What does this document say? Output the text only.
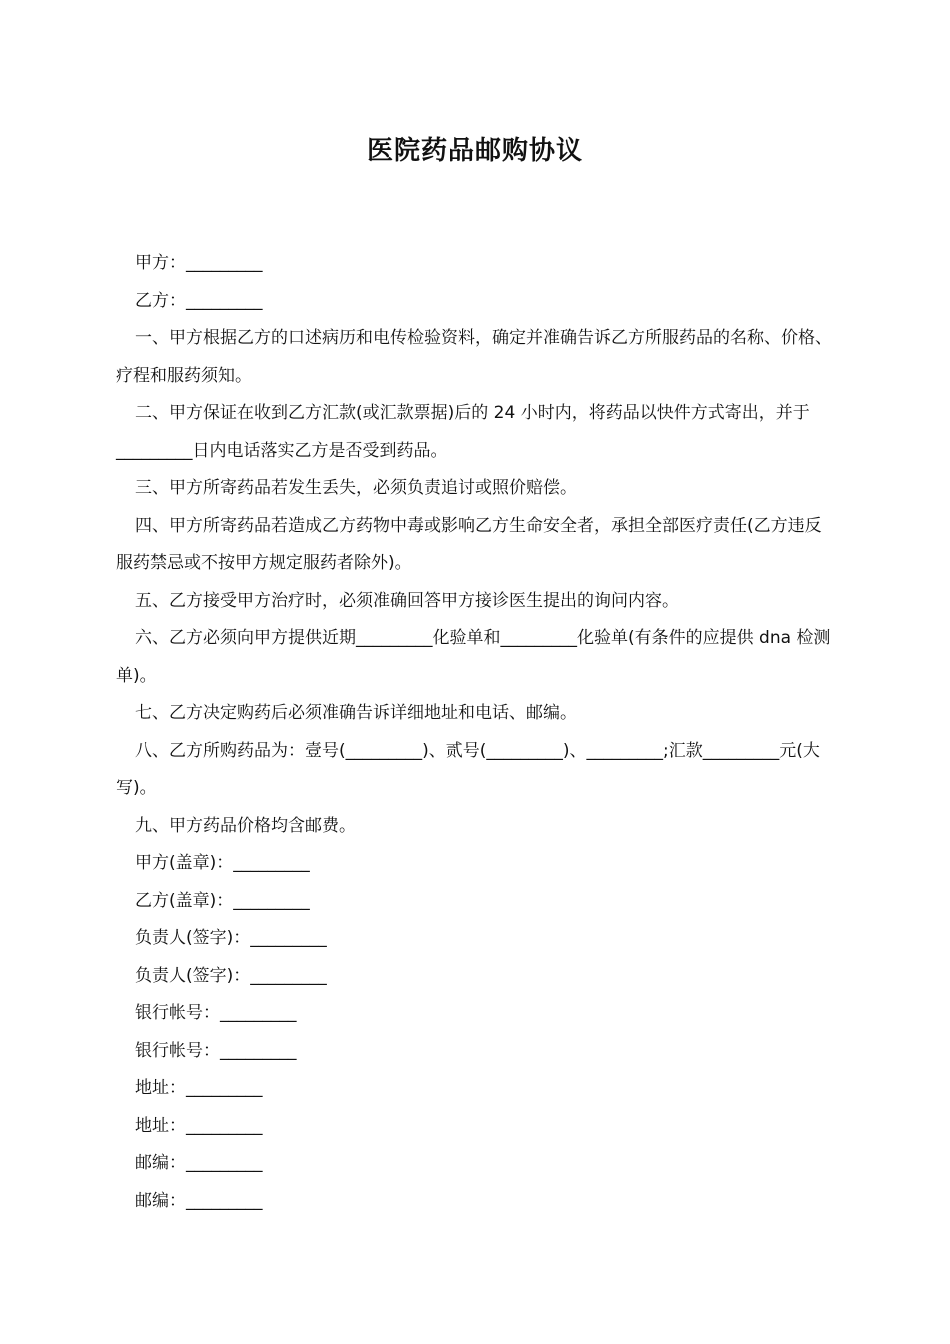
医院药品邮购协议

甲方：_________

乙方：_________

一、甲方根据乙方的口述病历和电传检验资料，确定并准确告诉乙方所服药品的名称、价格、疗程和服药须知。

二、甲方保证在收到乙方汇款(或汇款票据)后的 24 小时内，将药品以快件方式寄出，并于_________日内电话落实乙方是否受到药品。

三、甲方所寄药品若发生丢失，必须负责追讨或照价赔偿。

四、甲方所寄药品若造成乙方药物中毒或影响乙方生命安全者，承担全部医疗责任(乙方违反服药禁忌或不按甲方规定服药者除外)。

五、乙方接受甲方治疗时，必须准确回答甲方接诊医生提出的询问内容。

六、乙方必须向甲方提供近期_________化验单和_________化验单(有条件的应提供 dna 检测单)。

七、乙方决定购药后必须准确告诉详细地址和电话、邮编。

八、乙方所购药品为：壹号(_________)、贰号(_________)、_________;汇款_________元(大写)。

九、甲方药品价格均含邮费。

甲方(盖章)：_________

乙方(盖章)：_________

负责人(签字)：_________

负责人(签字)：_________

银行帐号：_________

银行帐号：_________

地址：_________

地址：_________

邮编：_________

邮编：_________
